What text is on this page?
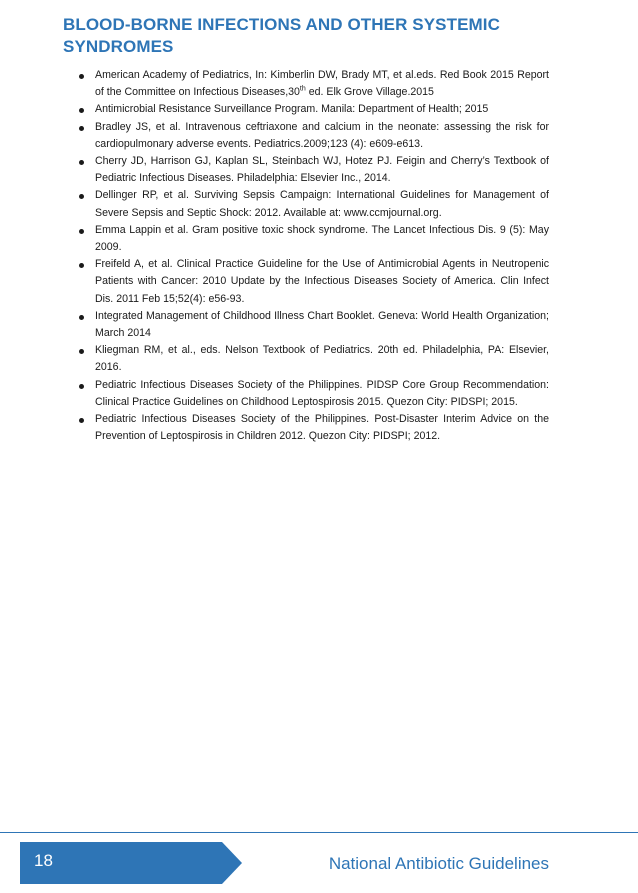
BLOOD-BORNE INFECTIONS AND OTHER SYSTEMIC SYNDROMES
American Academy of Pediatrics, In: Kimberlin DW, Brady MT, et al.eds. Red Book 2015 Report of the Committee on Infectious Diseases,30th ed. Elk Grove Village.2015
Antimicrobial Resistance Surveillance Program. Manila: Department of Health; 2015
Bradley JS, et al. Intravenous ceftriaxone and calcium in the neonate: assessing the risk for cardiopulmonary adverse events. Pediatrics.2009;123 (4): e609-e613.
Cherry JD, Harrison GJ, Kaplan SL, Steinbach WJ, Hotez PJ. Feigin and Cherry’s Textbook of Pediatric Infectious Diseases. Philadelphia: Elsevier Inc., 2014.
Dellinger RP, et al. Surviving Sepsis Campaign: International Guidelines for Management of Severe Sepsis and Septic Shock: 2012. Available at: www.ccmjournal.org.
Emma Lappin et al. Gram positive toxic shock syndrome. The Lancet Infectious Dis. 9 (5): May 2009.
Freifeld A, et al. Clinical Practice Guideline for the Use of Antimicrobial Agents in Neutropenic Patients with Cancer: 2010 Update by the Infectious Diseases Society of America. Clin Infect Dis. 2011 Feb 15;52(4): e56-93.
Integrated Management of Childhood Illness Chart Booklet. Geneva: World Health Organization; March 2014
Kliegman RM, et al., eds. Nelson Textbook of Pediatrics. 20th ed. Philadelphia, PA: Elsevier, 2016.
Pediatric Infectious Diseases Society of the Philippines. PIDSP Core Group Recommendation: Clinical Practice Guidelines on Childhood Leptospirosis 2015. Quezon City: PIDSPI; 2015.
Pediatric Infectious Diseases Society of the Philippines. Post-Disaster Interim Advice on the Prevention of Leptospirosis in Children 2012. Quezon City: PIDSPI; 2012.
18	National Antibiotic Guidelines
